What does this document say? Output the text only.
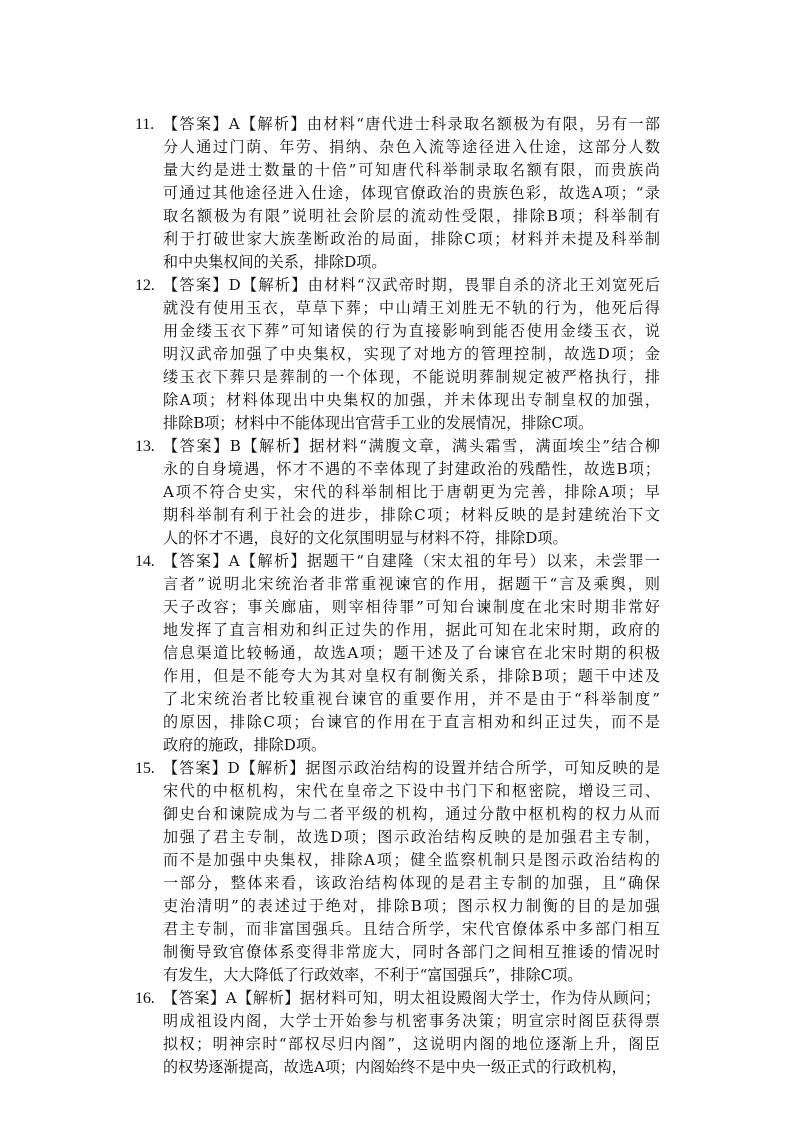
11. 【答案】A【解析】由材料“唐代进士科录取名额极为有限，另有一部
分人通过门荫、年劳、捐纳、杂色入流等途径进入仕途，这部分人数
量大约是进士数量的十倍”可知唐代科举制录取名额有限，而贵族尚
可通过其他途径进入仕途，体现官僚政治的贵族色彩，故选A项；“录
取名额极为有限”说明社会阶层的流动性受限，排除B项；科举制有
利于打破世家大族垄断政治的局面，排除C项；材料并未提及科举制
和中央集权间的关系，排除D项。
12. 【答案】D【解析】由材料“汉武帝时期，畏罪自杀的济北王刘宽死后
就没有使用玉衣，草草下葬；中山靖王刘胜无不轨的行为，他死后得
用金缕玉衣下葬”可知诸侯的行为直接影响到能否使用金缕玉衣，说
明汉武帝加强了中央集权，实现了对地方的管理控制，故选D项；金
缕玉衣下葬只是葬制的一个体现，不能说明葬制规定被严格执行，排
除A项；材料体现出中央集权的加强，并未体现出专制皇权的加强，
排除B项；材料中不能体现出官营手工业的发展情况，排除C项。
13. 【答案】B【解析】据材料“满腹文章，满头霜雪，满面埃尘”结合柳
永的自身境遇，怀才不遇的不幸体现了封建政治的残酷性，故选B项；
A项不符合史实，宋代的科举制相比于唐朝更为完善，排除A项；早
期科举制有利于社会的进步，排除C项；材料反映的是封建统治下文
人的怀才不遇，良好的文化氛围明显与材料不符，排除D项。
14. 【答案】A【解析】据题干“自建隆（宋太祖的年号）以来，未尝罪一
言者”说明北宋统治者非常重视谏官的作用，据题干“言及乘舆，则
天子改容；事关廊庙，则宰相待罪”可知台谏制度在北宋时期非常好
地发挥了直言相劝和纠正过失的作用，据此可知在北宋时期，政府的
信息渠道比较畅通，故选A项；题干述及了台谏官在北宋时期的积极
作用，但是不能夸大为其对皇权有制衡关系，排除B项；题干中述及
了北宋统治者比较重视台谏官的重要作用，并不是由于“科举制度”
的原因，排除C项；台谏官的作用在于直言相劝和纠正过失，而不是
政府的施政，排除D项。
15. 【答案】D【解析】据图示政治结构的设置并结合所学，可知反映的是
宋代的中枢机构，宋代在皇帝之下设中书门下和枢密院，增设三司、
御史台和谏院成为与二者平级的机构，通过分散中枢机构的权力从而
加强了君主专制，故选D项；图示政治结构反映的是加强君主专制，
而不是加强中央集权，排除A项；健全监察机制只是图示政治结构的
一部分，整体来看，该政治结构体现的是君主专制的加强，且“确保
吏治清明”的表述过于绝对，排除B项；图示权力制衡的目的是加强
君主专制，而非富国强兵。且结合所学，宋代官僚体系中多部门相互
制衡导致官僚体系变得非常庞大，同时各部门之间相互推诿的情况时
有发生，大大降低了行政效率，不利于“富国强兵”，排除C项。
16. 【答案】A【解析】据材料可知，明太祖设殿阁大学士，作为侍从顾问；
明成祖设内阁，大学士开始参与机密事务决策；明宣宗时阁臣获得票
拟权；明神宗时“部权尽归内阁”，这说明内阁的地位逐渐上升，阁臣
的权势逐渐提高，故选A项；内阁始终不是中央一级正式的行政机构，
